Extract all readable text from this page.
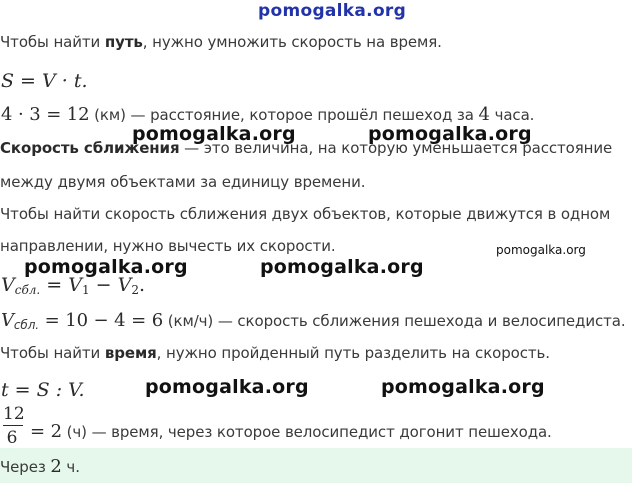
pomogalka.org
Чтобы найти путь, нужно умножить скорость на время.
S = V · t.
4 · 3 = 12 (км) — расстояние, которое прошёл пешеход за 4 часа.
pomogalka.org	pomogalka.org
Скорость сближения — это величина, на которую уменьшается расстояние
между двумя объектами за единицу времени.
Чтобы найти скорость сближения двух объектов, которые движутся в одном
направлении, нужно вычесть их скорости.	pomogalka.org
pomogalka.org	pomogalka.org
$V_{сбл.} = V1 - V2$.
$V_{сбл.} = 10 - 4 = 6$ (км/ч) — скорость сближения пешехода и велосипедиста.
Чтобы найти время, нужно пройденный путь разделить на скорость.
pomogalka.org	pomogalka.org
t = S : V.
12
6 = 2 (ч) — время, через которое велосипедист догонит пешехода.
Через 2 ч.
